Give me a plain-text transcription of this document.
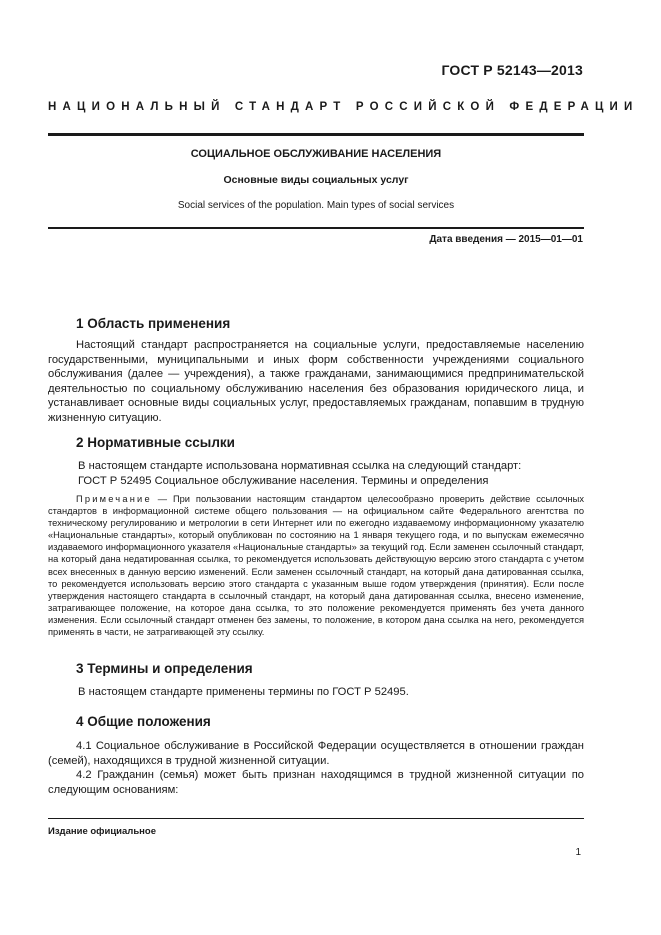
ГОСТ Р 52143—2013
НАЦИОНАЛЬНЫЙ СТАНДАРТ РОССИЙСКОЙ ФЕДЕРАЦИИ
СОЦИАЛЬНОЕ ОБСЛУЖИВАНИЕ НАСЕЛЕНИЯ
Основные виды социальных услуг
Social services of the population. Main types of social services
Дата введения — 2015—01—01
1 Область применения

Настоящий стандарт распространяется на социальные услуги, предоставляемые населению государственными, муниципальными и иных форм собственности учреждениями социального обслуживания (далее — учреждения), а также гражданами, занимающимися предпринимательской деятельностью по социальному обслуживанию населения без образования юридического лица, и устанавливает основные виды социальных услуг, предоставляемых гражданам, попавшим в трудную жизненную ситуацию.

2 Нормативные ссылки

В настоящем стандарте использована нормативная ссылка на следующий стандарт:

ГОСТ Р 52495 Социальное обслуживание населения. Термины и определения

Примечание — При пользовании настоящим стандартом целесообразно проверить действие ссылочных стандартов в информационной системе общего пользования — на официальном сайте Федерального агентства по техническому регулированию и метрологии в сети Интернет или по ежегодно издаваемому информационному указателю «Национальные стандарты», который опубликован по состоянию на 1 января текущего года, и по выпускам ежемесячно издаваемого информационного указателя «Национальные стандарты» за текущий год. Если заменен ссылочный стандарт, на который дана недатированная ссылка, то рекомендуется использовать действующую версию этого стандарта с учетом всех внесенных в данную версию изменений. Если заменен ссылочный стандарт, на который дана датированная ссылка, то рекомендуется использовать версию этого стандарта с указанным выше годом утверждения (принятия). Если после утверждения настоящего стандарта в ссылочный стандарт, на который дана датированная ссылка, внесено изменение, затрагивающее положение, на которое дана ссылка, то это положение рекомендуется применять без учета данного изменения. Если ссылочный стандарт отменен без замены, то положение, в котором дана ссылка на него, рекомендуется применять в части, не затрагивающей эту ссылку.

3 Термины и определения

В настоящем стандарте применены термины по ГОСТ Р 52495.

4 Общие положения

4.1 Социальное обслуживание в Российской Федерации осуществляется в отношении граждан (семей), находящихся в трудной жизненной ситуации.

4.2 Гражданин (семья) может быть признан находящимся в трудной жизненной ситуации по следующим основаниям:

Издание официальное
1
